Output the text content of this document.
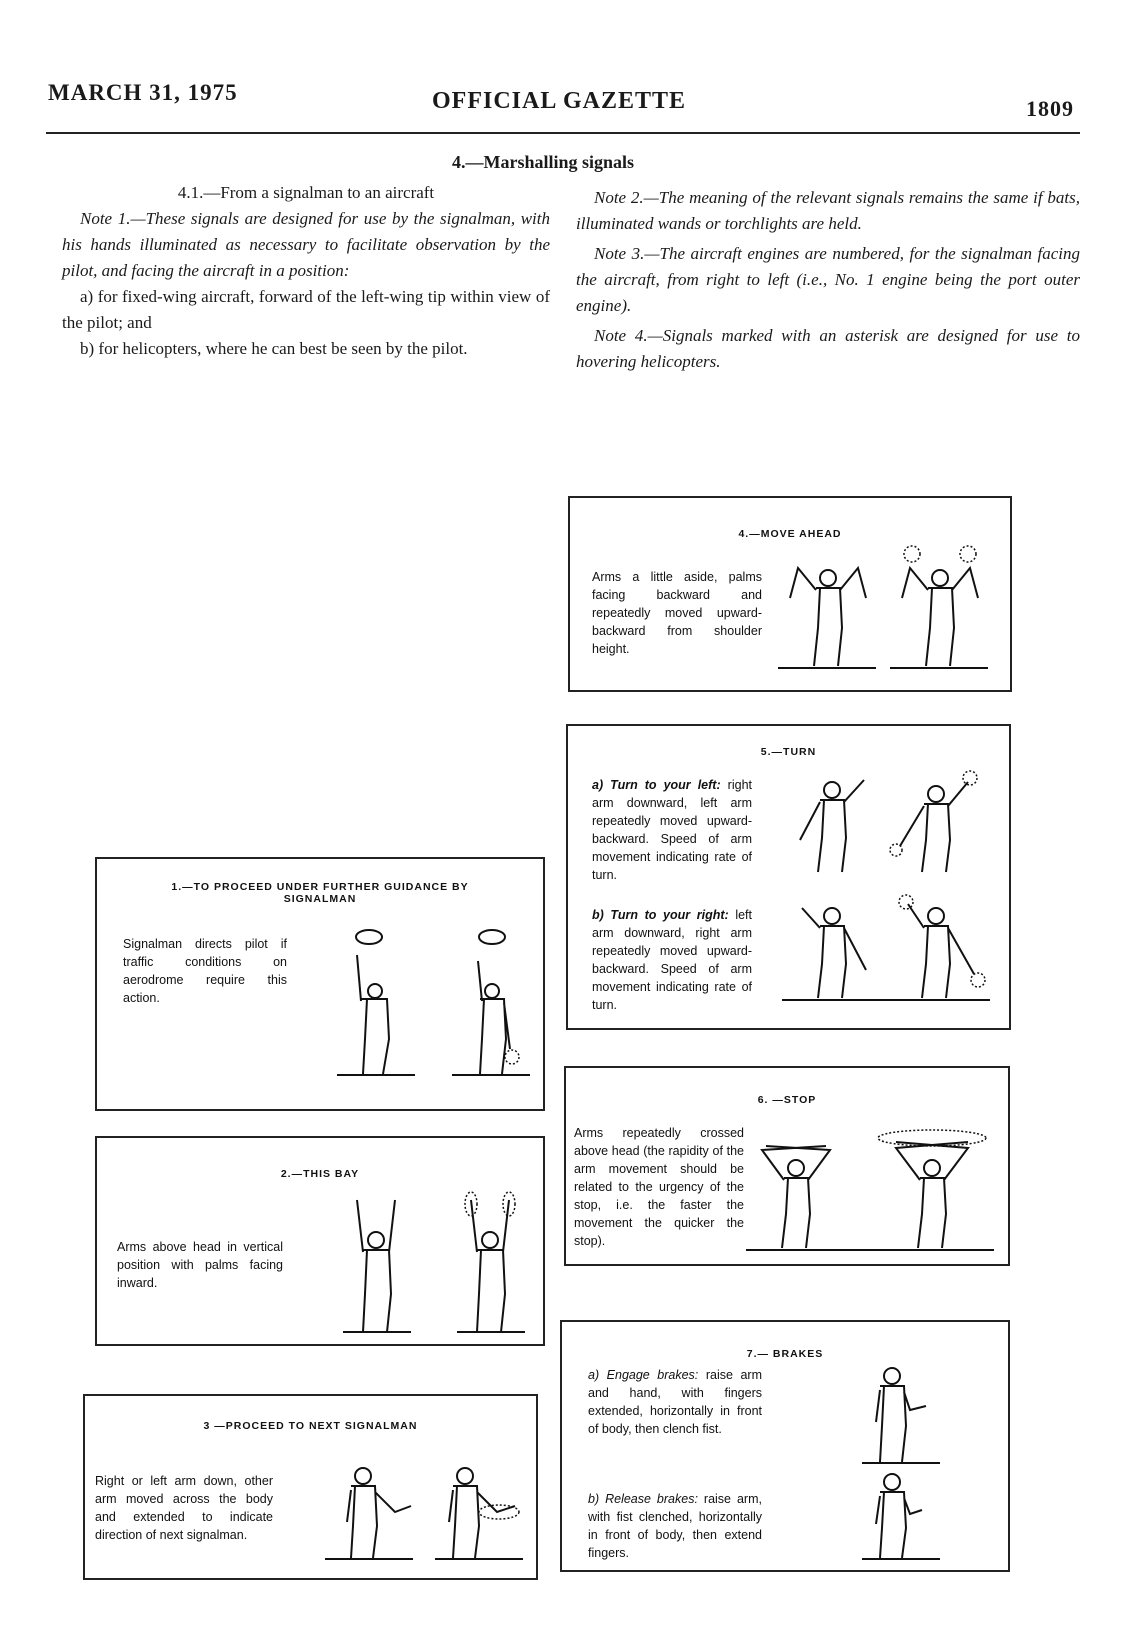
MARCH 31, 1975	OFFICIAL GAZETTE	1809
4.—Marshalling signals

4.1.—From a signalman to an aircraft

Note 1.—These signals are designed for use by the signalman, with his hands illuminated as necessary to facilitate observation by the pilot, and facing the aircraft in a position:

a) for fixed-wing aircraft, forward of the left-wing tip within view of the pilot; and

b) for helicopters, where he can best be seen by the pilot.

Note 2.—The meaning of the relevant signals remains the same if bats, illuminated wands or torchlights are held.

Note 3.—The aircraft engines are numbered, for the signalman facing the aircraft, from right to left (i.e., No. 1 engine being the port outer engine).

Note 4.—Signals marked with an asterisk are designed for use to hovering helicopters.

1.—TO PROCEED UNDER FURTHER GUIDANCE BY SIGNALMAN
Signalman directs pilot if traffic conditions on aerodrome require this action.
2.—THIS BAY
Arms above head in vertical position with palms facing inward.
3 —PROCEED TO NEXT SIGNALMAN
Right or left arm down, other arm moved across the body and extended to indicate direction of next signalman.
4.—MOVE AHEAD
Arms a little aside, palms facing backward and repeatedly moved upward-backward from shoulder height.
5.—TURN
a) Turn to your left: right arm downward, left arm repeatedly moved upward-backward. Speed of arm movement indicating rate of turn.
b) Turn to your right: left arm downward, right arm repeatedly moved upward-backward. Speed of arm movement indicating rate of turn.
6. —STOP
Arms repeatedly crossed above head (the rapidity of the arm movement should be related to the urgency of the stop, i.e. the faster the movement the quicker the stop).
7.— BRAKES
a) Engage brakes: raise arm and hand, with fingers extended, horizontally in front of body, then clench fist.
b) Release brakes: raise arm, with fist clenched, horizontally in front of body, then extend fingers.
